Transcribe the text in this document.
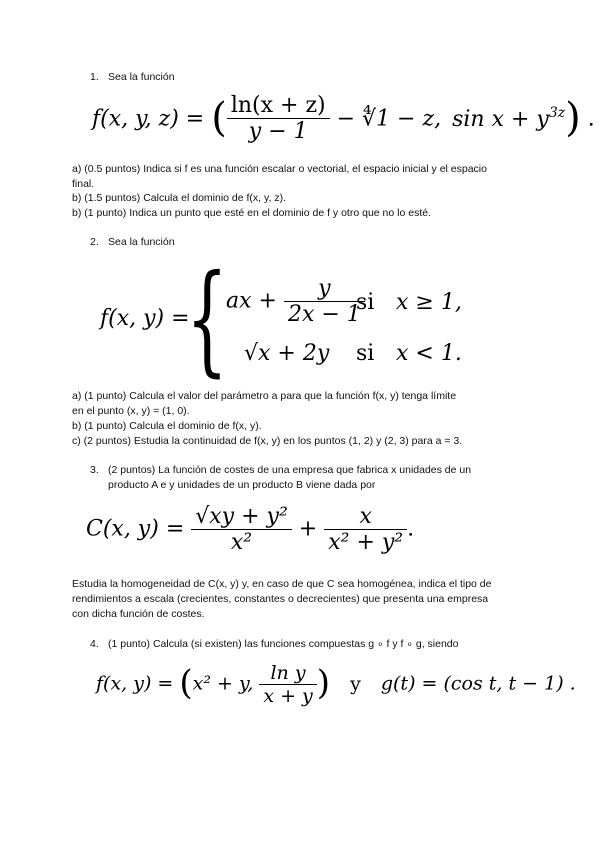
1. Sea la función
f(x, y, z) = ( $\frac{\ln(x + z)}{y - 1}$ − ∜1 − z, $\sin x + y^{3z}$) .
a) (0.5 puntos) Indica si f es una función escalar o vectorial, el espacio inicial y el espacio
final.
b) (1.5 puntos) Calcula el dominio de f(x, y, z).
b) (1 punto) Indica un punto que esté en el dominio de f y otro que no lo esté.
2. Sea la función
f(x, y) =
{
ax + $\frac{y}{2x - 1}$
si x ≥ 1,
√x + 2y si x < 1.
a) (1 punto) Calcula el valor del parámetro a para que la función f(x, y) tenga límite
en el punto (x, y) = (1, 0).
b) (1 punto) Calcula el dominio de f(x, y).
c) (2 puntos) Estudia la continuidad de f(x, y) en los puntos (1, 2) y (2, 3) para a = 3.
3. (2 puntos) La función de costes de una empresa que fabrica x unidades de un
producto A e y unidades de un producto B viene dada por
C(x, $y) = \frac{\text{√xy + y²}}{\text{x²}} + \frac{x}{\text{x² + y²}}$ .
Estudia la homogeneidad de C(x, y) y, en caso de que C sea homogénea, indica el tipo de
rendimientos a escala (crecientes, constantes o decrecientes) que presenta una empresa
con dicha función de costes.
4. (1 punto) Calcula (si existen) las funciones compuestas g ∘ f y f ∘ g, siendo
f(x, y) = (x² + y, $\frac{\text{ln y}}{x + y}$ ) y g(t) = (cos t, t − 1) .
